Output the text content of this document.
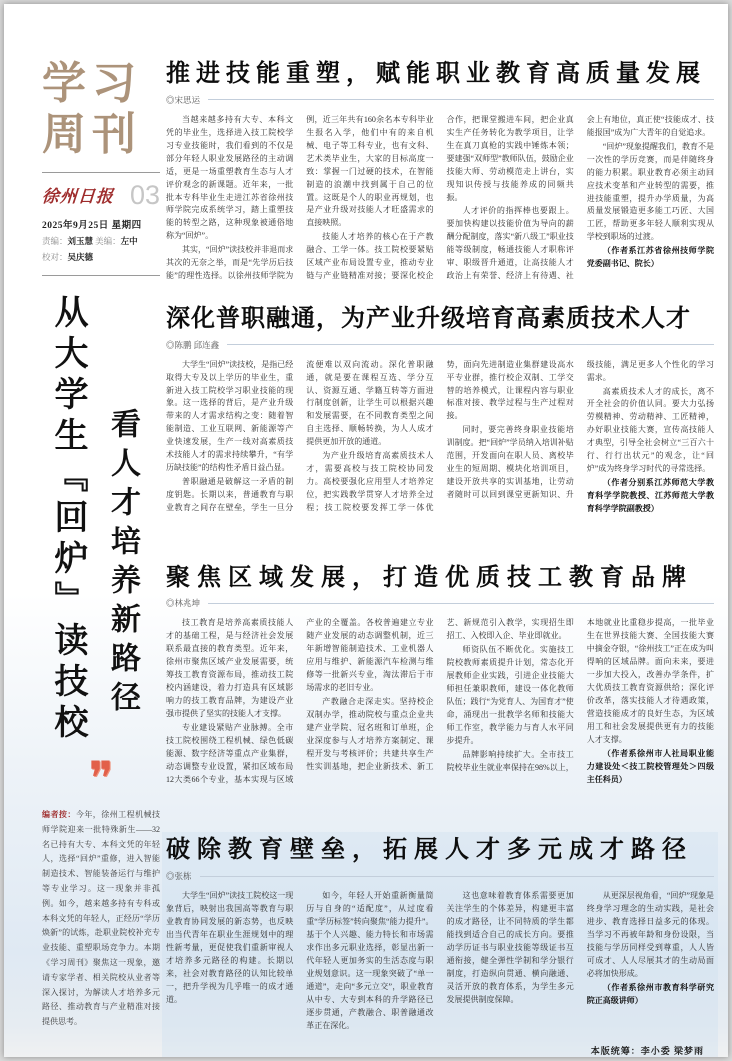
学习
周刊
徐州日报 03
2025年9月25日 星期四
责编：刘玉慧 美编：左中
校对：吴庆德
从大学生『回炉』读技校 看人才培养新路径
❞
编者按：今年，徐州工程机械技师学院迎来一批特殊新生——32名已持有大专、本科文凭的年轻人，选择“回炉”重修，进入智能制造技术、智能装备运行与维护等专业学习。这一现象并非孤例。如今，越来越多持有专科或本科文凭的年轻人，正经历“学历焕新”的试炼，赴职业院校补充专业技能、重塑职场竞争力。本期《学习周刊》聚焦这一现象，邀请专家学者、相关院校从业者等深入探讨，为解读人才培养多元路径、推动教育与产业精准对接提供思考。
推进技能重塑，赋能职业教育高质量发展
◎宋思运

当越来越多持有大专、本科文凭的毕业生，选择进入技工院校学习专业技能时，我们看到的不仅是部分年轻人职业发展路径的主动调适，更是一场重塑教育生态与人才评价观念的新课题。近年来，一批批本专科毕业生走进江苏省徐州技师学院完成系统学习，踏上重塑技能的转型之路，这种现象被通俗地称为“回炉”。

其实，“回炉”读技校并非退而求其次的无奈之举，而是“先学历后技能”的理性选择。以徐州技师学院为例，近三年共有160余名本专科毕业生报名入学，他们中有的来自机械、电子等工科专业，也有文科、艺术类毕业生，大家的目标高度一致：掌握一门过硬的技术，在智能制造的浪潮中找到属于自己的位置。这既是个人的职业再规划，也是产业升级对技能人才旺盛需求的直接映照。

技能人才培养的核心在于产教融合、工学一体。技工院校要紧贴区域产业布局设置专业，推动专业链与产业链精准对接；要深化校企合作，把课堂搬进车间，把企业真实生产任务转化为教学项目，让学生在真刀真枪的实践中锤炼本领；要建强“双师型”教师队伍，鼓励企业技能大师、劳动模范走上讲台，实现知识传授与技能养成的同频共振。

人才评价的指挥棒也要跟上。要加快构建以技能价值为导向的薪酬分配制度，落实“新八级工”职业技能等级制度，畅通技能人才职称评审、职级晋升通道，让高技能人才政治上有荣誉、经济上有待遇、社会上有地位，真正使“技能成才、技能报国”成为广大青年的自觉追求。

“回炉”现象提醒我们，教育不是一次性的学历竞赛，而是伴随终身的能力积累。职业教育必须主动回应技术变革和产业转型的需要，推进技能重塑，提升办学质量，为高质量发展锻造更多能工巧匠、大国工匠，帮助更多年轻人顺利实现从学校到职场的过渡。

（作者系江苏省徐州技师学院党委副书记、院长）

深化普职融通，为产业升级培育高素质技术人才
◎陈鹏 邱连鑫

大学生“回炉”读技校，是指已经取得大专及以上学历的毕业生，重新进入技工院校学习职业技能的现象。这一选择的背后，是产业升级带来的人才需求结构之变：随着智能制造、工业互联网、新能源等产业快速发展，生产一线对高素质技术技能人才的需求持续攀升，“有学历缺技能”的结构性矛盾日益凸显。

普职融通是破解这一矛盾的制度钥匙。长期以来，普通教育与职业教育之间存在壁垒，学生一旦分流便难以双向流动。深化普职融通，就是要在课程互选、学分互认、资源互通、学籍互转等方面进行制度创新，让学生可以根据兴趣和发展需要，在不同教育类型之间自主选择、顺畅转换，为人人成才提供更加开放的通道。

为产业升级培育高素质技术人才，需要高校与技工院校协同发力。高校要强化应用型人才培养定位，把实践教学贯穿人才培养全过程；技工院校要发挥工学一体优势，面向先进制造业集群建设高水平专业群，推行校企双制、工学交替的培养模式，让课程内容与职业标准对接、教学过程与生产过程对接。

同时，要完善终身职业技能培训制度。把“回炉”学员纳入培训补贴范围，开发面向在职人员、离校毕业生的短周期、模块化培训项目，建设开放共享的实训基地，让劳动者随时可以回到课堂更新知识、升级技能，满足更多人个性化的学习需求。

高素质技术人才的成长，离不开全社会的价值认同。要大力弘扬劳模精神、劳动精神、工匠精神，办好职业技能大赛，宣传高技能人才典型，引导全社会树立“三百六十行、行行出状元”的观念，让“回炉”成为终身学习时代的寻常选择。

（作者分别系江苏师范大学教育科学学院教授、江苏师范大学教育科学学院副教授）

聚焦区域发展，打造优质技工教育品牌
◎林兆坤

技工教育是培养高素质技能人才的基础工程，是与经济社会发展联系最直接的教育类型。近年来，徐州市聚焦区域产业发展需要，统筹技工教育资源布局，推动技工院校内涵建设，着力打造具有区域影响力的技工教育品牌，为建设产业强市提供了坚实的技能人才支撑。

专业建设紧贴产业脉搏。全市技工院校围绕工程机械、绿色低碳能源、数字经济等重点产业集群，动态调整专业设置，紧扣区域布局12大类66个专业，基本实现与区域产业的全覆盖。各校普遍建立专业随产业发展的动态调整机制，近三年新增智能制造技术、工业机器人应用与维护、新能源汽车检测与维修等一批新兴专业，淘汰滞后于市场需求的老旧专业。

产教融合走深走实。坚持校企双制办学，推动院校与重点企业共建产业学院、冠名班和订单班，企业深度参与人才培养方案制定、课程开发与考核评价；共建共享生产性实训基地，把企业新技术、新工艺、新规范引入教学，实现招生即招工、入校即入企、毕业即就业。

师资队伍不断优化。实施技工院校教师素质提升计划，常态化开展教师企业实践，引进企业技能大师担任兼职教师，建设一体化教师队伍；践行“为党育人、为国育才”使命，涌现出一批教学名师和技能大师工作室，教学能力与育人水平同步提升。

品牌影响持续扩大。全市技工院校毕业生就业率保持在98%以上，本地就业比重稳步提高，一批毕业生在世界技能大赛、全国技能大赛中摘金夺银，“徐州技工”正在成为叫得响的区域品牌。面向未来，要进一步加大投入，改善办学条件，扩大优质技工教育资源供给；深化评价改革，落实技能人才待遇政策，营造技能成才的良好生态，为区域用工和社会发展提供更有力的技能人才支撑。

（作者系徐州市人社局职业能力建设处＜技工院校管理处＞四级主任科员）

破除教育壁垒，拓展人才多元成才路径
◎张栋

大学生“回炉”读技工院校这一现象背后，映射出我国高等教育与职业教育协同发展的新态势，也反映出当代青年在职业生涯规划中的理性新考量，更促使我们重新审视人才培养多元路径的构建。长期以来，社会对教育路径的认知比较单一，把升学视为几乎唯一的成才通道。

如今，年轻人开始重新衡量简历与自身的“适配度”，从过度看重“学历标签”转向聚焦“能力提升”。基于个人兴趣、能力特长和市场需求作出多元职业选择，彰显出新一代年轻人更加务实的生活态度与职业规划意识。这一现象突破了“单一通道”，走向“多元立交”，职业教育从中专、大专到本科的升学路径已逐步贯通，产教融合、职普融通改革正在深化。

这也意味着教育体系需要更加关注学生的个体差异，构建更丰富的成才路径，让不同特质的学生都能找到适合自己的成长方向。要推动学历证书与职业技能等级证书互通衔接，健全弹性学制和学分银行制度，打造纵向贯通、横向融通、灵活开放的教育体系，为学生多元发展提供制度保障。

从更深层视角看，“回炉”现象是终身学习理念的生动实践，是社会进步、教育选择日益多元的体现。当学习不再被年龄和身份设限，当技能与学历同样受到尊重，人人皆可成才、人人尽展其才的生动局面必将加快形成。

（作者系徐州市教育科学研究院正高级讲师）

本版统筹：李小委 梁梦雨
